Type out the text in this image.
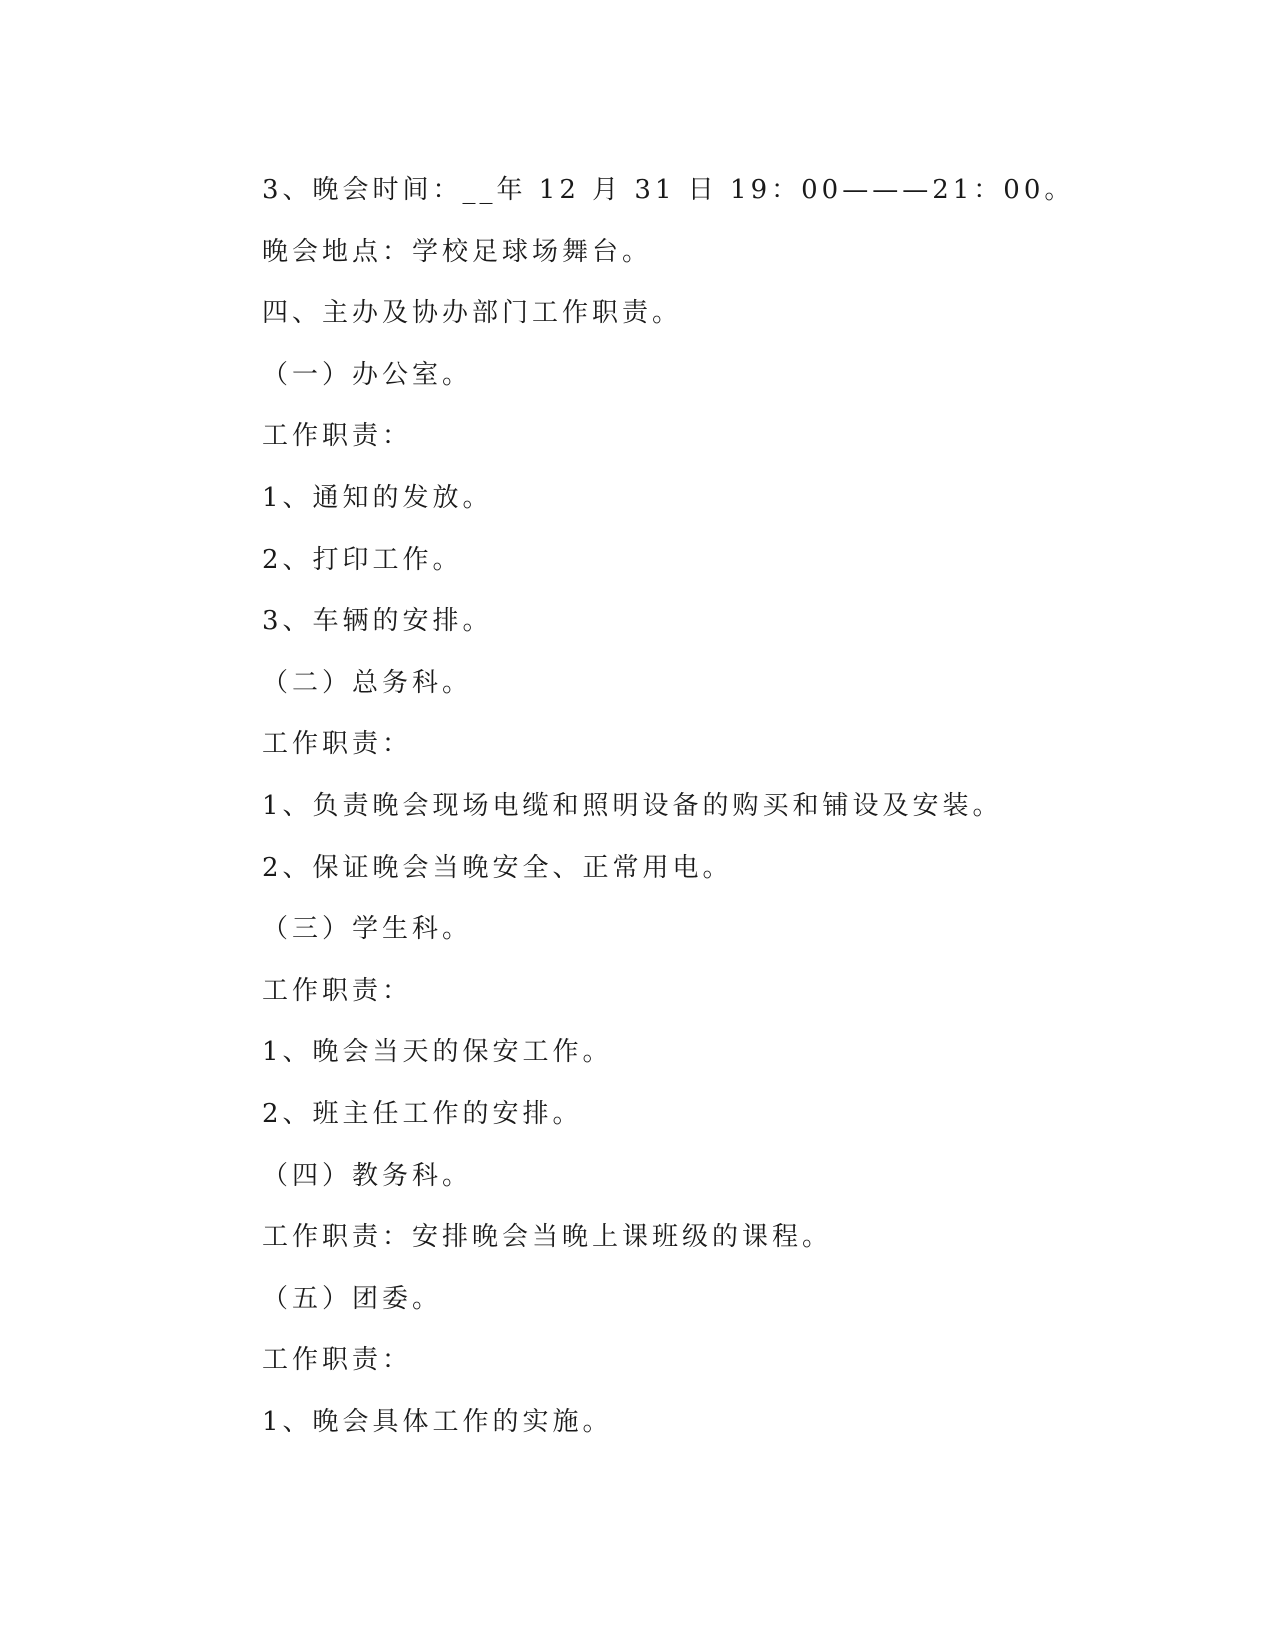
3、晚会时间：__年 12 月 31 日 19：00———21：00。
晚会地点：学校足球场舞台。
四、主办及协办部门工作职责。
（一）办公室。
工作职责：
1、通知的发放。
2、打印工作。
3、车辆的安排。
（二）总务科。
工作职责：
1、负责晚会现场电缆和照明设备的购买和铺设及安装。
2、保证晚会当晚安全、正常用电。
（三）学生科。
工作职责：
1、晚会当天的保安工作。
2、班主任工作的安排。
（四）教务科。
工作职责：安排晚会当晚上课班级的课程。
（五）团委。
工作职责：
1、晚会具体工作的实施。
